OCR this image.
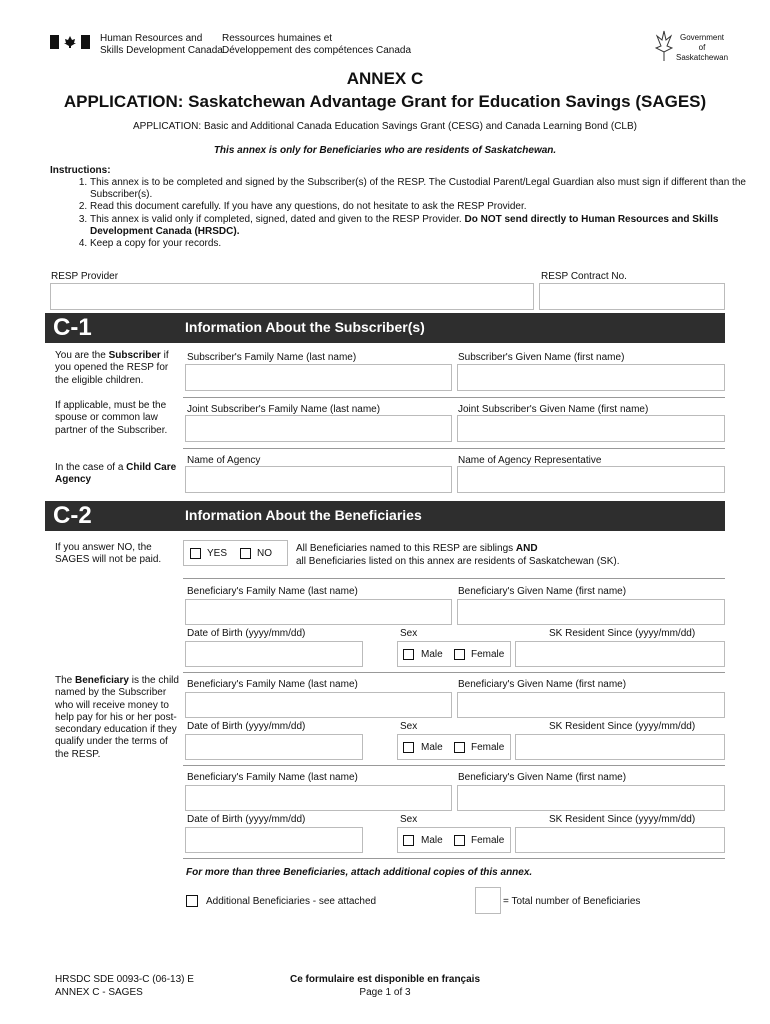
Human Resources and
Skills Development Canada
Ressources humaines et
Développement des compétences Canada
Government
of
Saskatchewan
ANNEX C
APPLICATION: Saskatchewan Advantage Grant for Education Savings (SAGES)
APPLICATION: Basic and Additional Canada Education Savings Grant (CESG) and Canada Learning Bond (CLB)
This annex is only for Beneficiaries who are residents of Saskatchewan.
Instructions:
1. This annex is to be completed and signed by the Subscriber(s) of the RESP. The Custodial Parent/Legal Guardian also must sign if different than the Subscriber(s).
2. Read this document carefully. If you have any questions, do not hesitate to ask the RESP Provider.
3. This annex is valid only if completed, signed, dated and given to the RESP Provider. Do NOT send directly to Human Resources and Skills Development Canada (HRSDC).
4. Keep a copy for your records.
RESP Provider	RESP Contract No.
C-1	Information About the Subscriber(s)
You are the Subscriber if you opened the RESP for the eligible children.
If applicable, must be the spouse or common law partner of the Subscriber.
In the case of a Child Care Agency
Subscriber's Family Name (last name)	Subscriber's Given Name (first name)
Joint Subscriber's Family Name (last name)	Joint Subscriber's Given Name (first name)
Name of Agency	Name of Agency Representative
C-2	Information About the Beneficiaries
If you answer NO, the SAGES will not be paid.
YES	NO All Beneficiaries named to this RESP are siblings AND
all Beneficiaries listed on this annex are residents of Saskatchewan (SK).
The Beneficiary is the child named by the Subscriber who will receive money to help pay for his or her post-secondary education if they qualify under the terms of the RESP.
Beneficiary's Family Name (last name)	Beneficiary's Given Name (first name)
Date of Birth (yyyy/mm/dd)	Sex	SK Resident Since (yyyy/mm/dd)
Male	Female
Beneficiary's Family Name (last name)	Beneficiary's Given Name (first name)
Date of Birth (yyyy/mm/dd)	Sex	SK Resident Since (yyyy/mm/dd)
Male	Female
Beneficiary's Family Name (last name)	Beneficiary's Given Name (first name)
Date of Birth (yyyy/mm/dd)	Sex	SK Resident Since (yyyy/mm/dd)
Male	Female
For more than three Beneficiaries, attach additional copies of this annex.
Additional Beneficiaries - see attached	= Total number of Beneficiaries
HRSDC SDE 0093-C (06-13) E
ANNEX C - SAGES
Ce formulaire est disponible en français
Page 1 of 3
